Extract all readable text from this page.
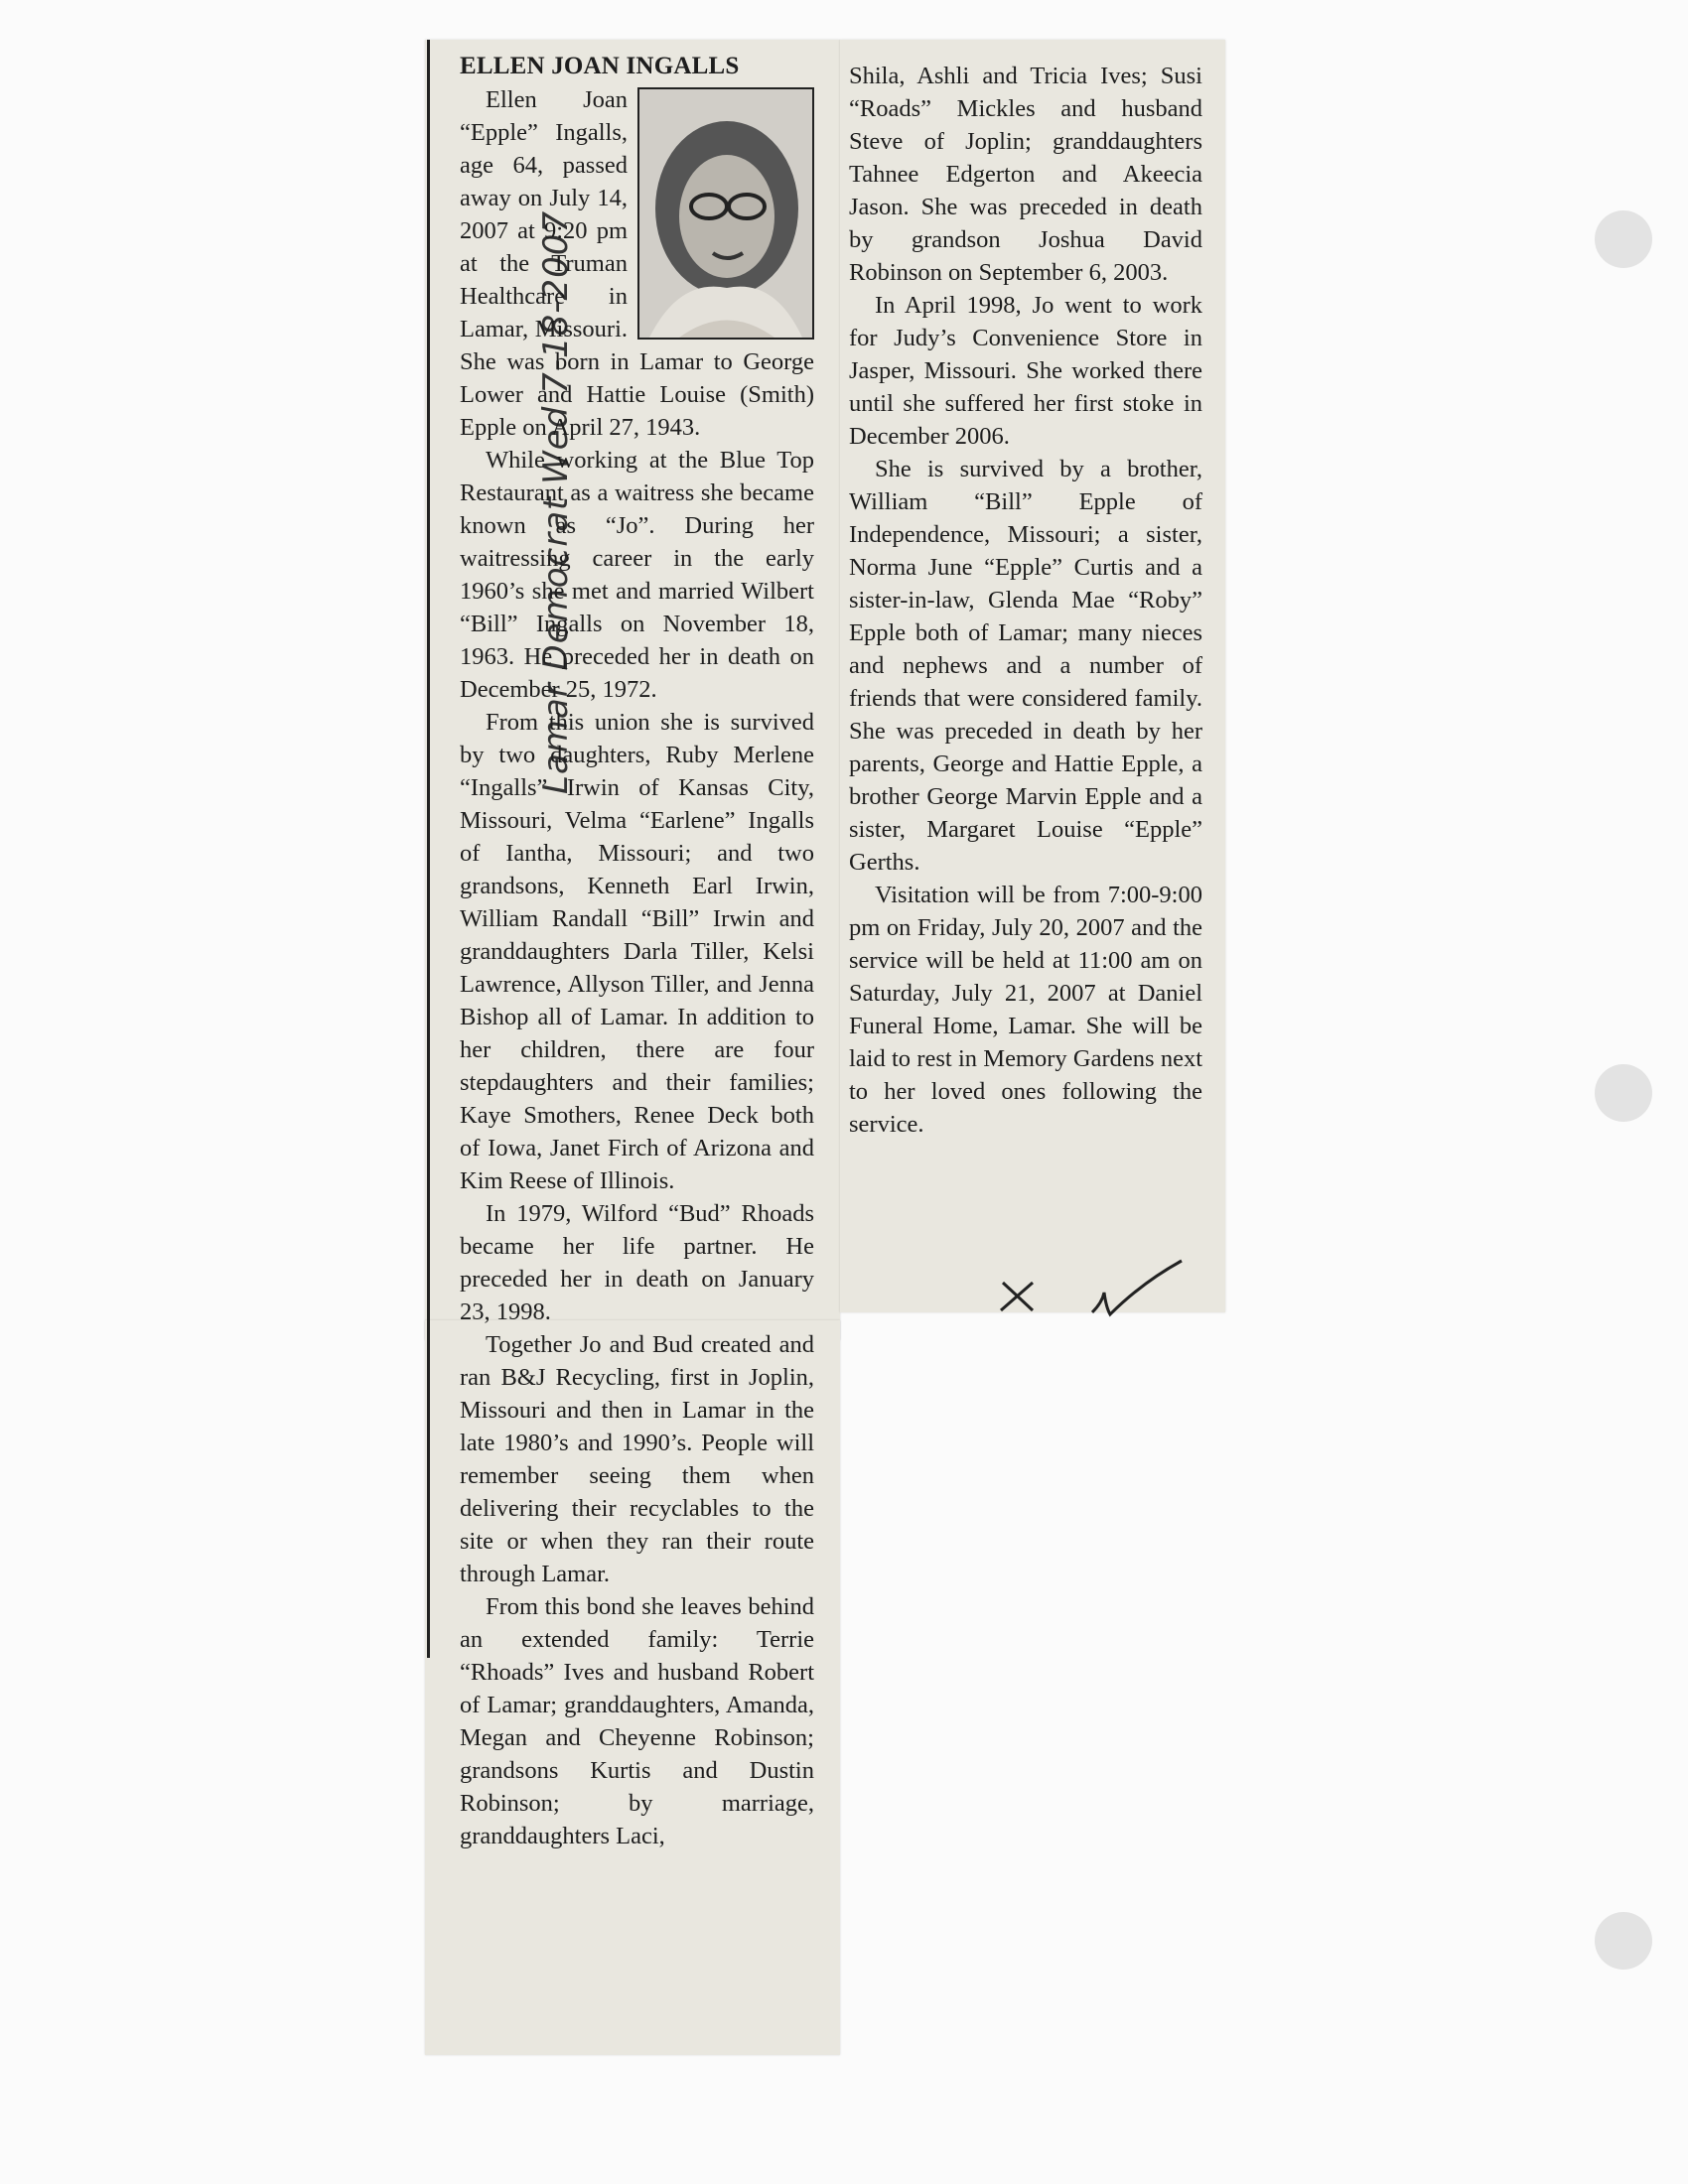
Lamar Democrat Wed 7-18-2007
ELLEN JOAN INGALLS

Ellen Joan “Epple” Ingalls, age 64, passed away on July 14, 2007 at 9:20 pm at the Truman Healthcare in Lamar, Missouri. She was born in Lamar to George Lower and Hattie Louise (Smith) Epple on April 27, 1943.

While working at the Blue Top Restaurant as a waitress she became known as “Jo”. During her waitressing career in the early 1960’s she met and married Wilbert “Bill” Ingalls on November 18, 1963. He preceded her in death on December 25, 1972.

From this union she is survived by two daughters, Ruby Merlene “Ingalls” Irwin of Kansas City, Missouri, Velma “Earlene” Ingalls of Iantha, Missouri; and two grandsons, Kenneth Earl Irwin, William Randall “Bill” Irwin and granddaughters Darla Tiller, Kelsi Lawrence, Allyson Tiller, and Jenna Bishop all of Lamar. In addition to her children, there are four stepdaughters and their families; Kaye Smothers, Renee Deck both of Iowa, Janet Firch of Arizona and Kim Reese of Illinois.

In 1979, Wilford “Bud” Rhoads became her life partner. He preceded her in death on January 23, 1998.

Together Jo and Bud created and ran B&J Recycling, first in Joplin, Missouri and then in Lamar in the late 1980’s and 1990’s. People will remember seeing them when delivering their recyclables to the site or when they ran their route through Lamar.

From this bond she leaves behind an extended family: Terrie “Rhoads” Ives and husband Robert of Lamar; granddaughters, Amanda, Megan and Cheyenne Robinson; grandsons Kurtis and Dustin Robinson; by marriage, granddaughters Laci,

Shila, Ashli and Tricia Ives; Susi “Roads” Mickles and husband Steve of Joplin; granddaughters Tahnee Edgerton and Akeecia Jason. She was preceded in death by grandson Joshua David Robinson on September 6, 2003.

In April 1998, Jo went to work for Judy’s Convenience Store in Jasper, Missouri. She worked there until she suffered her first stoke in December 2006.

She is survived by a brother, William “Bill” Epple of Independence, Missouri; a sister, Norma June “Epple” Curtis and a sister-in-law, Glenda Mae “Roby” Epple both of Lamar; many nieces and nephews and a number of friends that were considered family. She was preceded in death by her parents, George and Hattie Epple, a brother George Marvin Epple and a sister, Margaret Louise “Epple” Gerths.

Visitation will be from 7:00-9:00 pm on Friday, July 20, 2007 and the service will be held at 11:00 am on Saturday, July 21, 2007 at Daniel Funeral Home, Lamar. She will be laid to rest in Memory Gardens next to her loved ones following the service.
